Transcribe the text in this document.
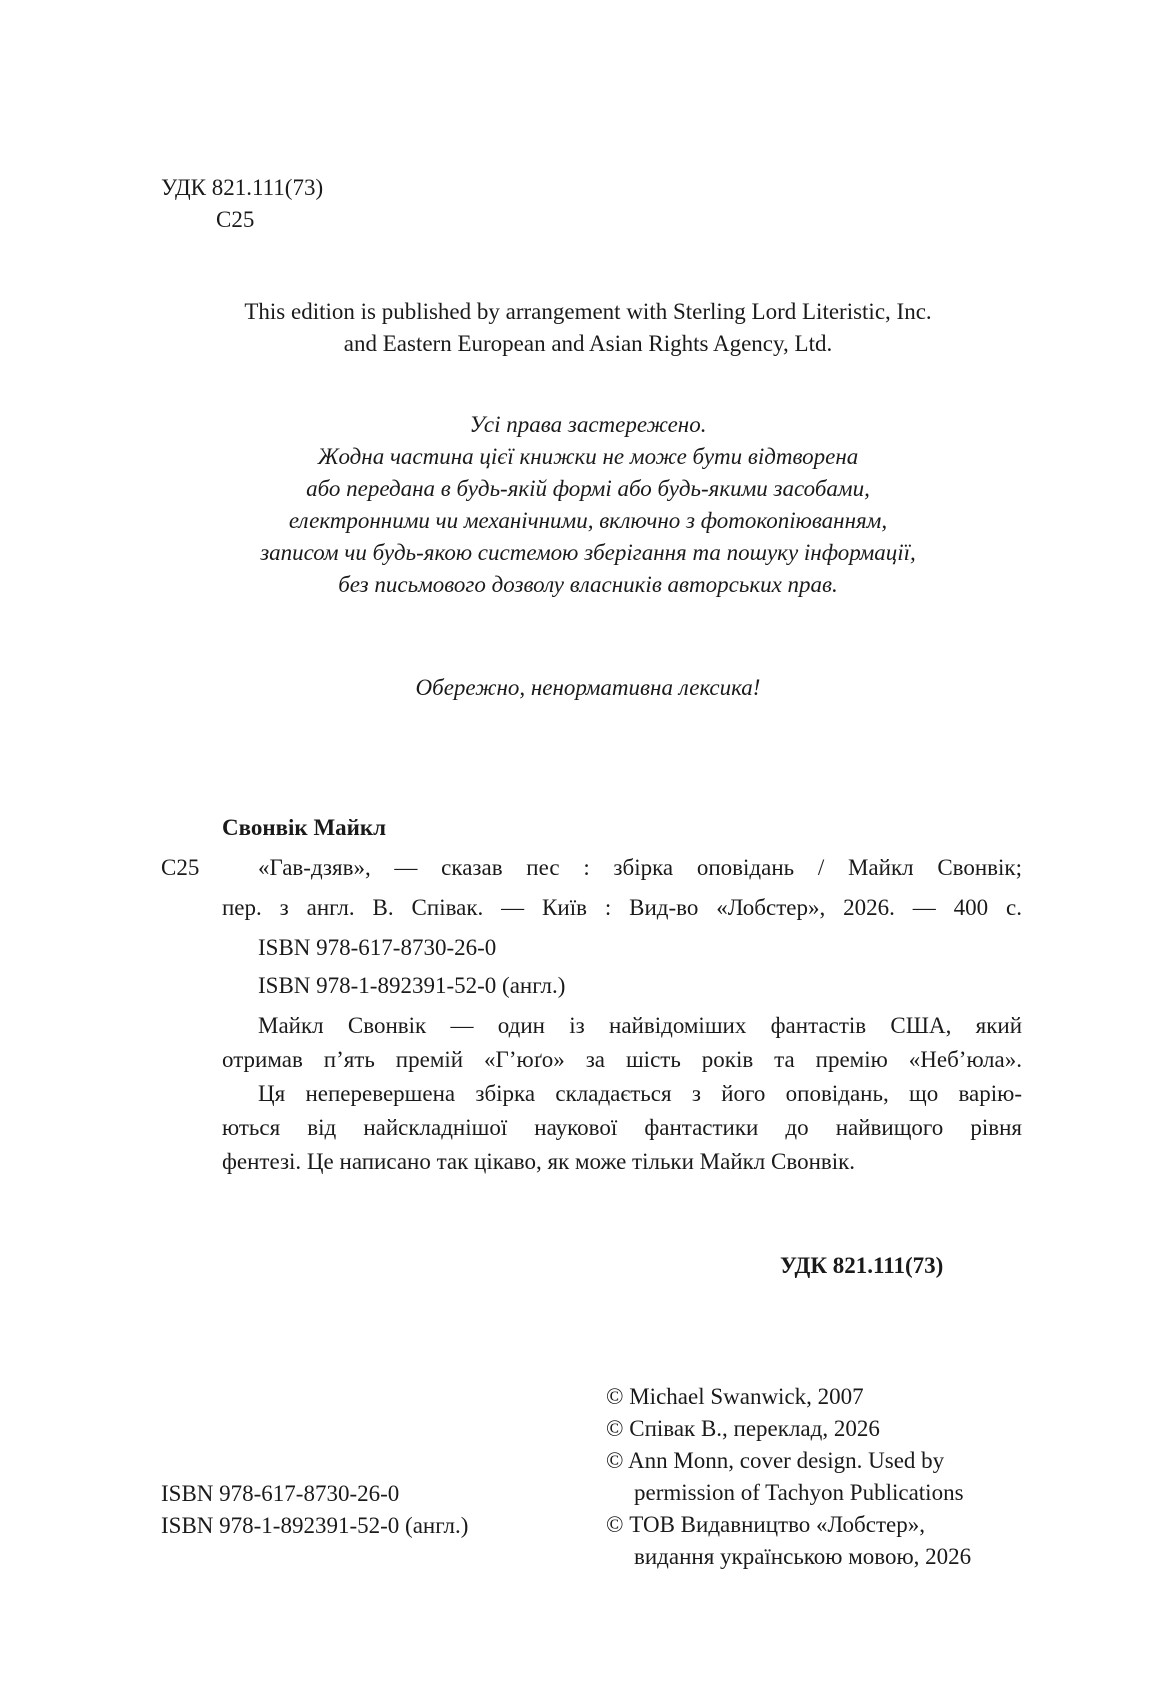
УДК 821.111(73)
С25
This edition is published by arrangement with Sterling Lord Literistic, Inc.
and Eastern European and Asian Rights Agency, Ltd.
Усі права застережено.
Жодна частина цієї книжки не може бути відтворена
або передана в будь-якій формі або будь-якими засобами,
електронними чи механічними, включно з фотокопіюванням,
записом чи будь-якою системою зберігання та пошуку інформації,
без письмового дозволу власників авторських прав.
Обережно, ненормативна лексика!
Свонвік Майкл
С25	«Гав-дзяв», — сказав пес : збірка оповідань / Майкл Свонвік;
пер. з англ. В. Співак. — Київ : Вид-во «Лобстер», 2026. — 400 с.
ISBN 978-617-8730-26-0
ISBN 978-1-892391-52-0 (англ.)
Майкл Свонвік — один із найвідоміших фантастів США, який
отримав п’ять премій «Г’юґо» за шість років та премію «Неб’юла».
Ця неперевершена збірка складається з його оповідань, що варію-
ються від найскладнішої наукової фантастики до найвищого рівня
фентезі. Це написано так цікаво, як може тільки Майкл Свонвік.
УДК 821.111(73)
ISBN 978-617-8730-26-0
ISBN 978-1-892391-52-0 (англ.)
© Michael Swanwick, 2007
© Співак В., переклад, 2026
© Ann Monn, cover design. Used by
permission of Tachyon Publications
© ТОВ Видавництво «Лобстер»,
видання українською мовою, 2026
